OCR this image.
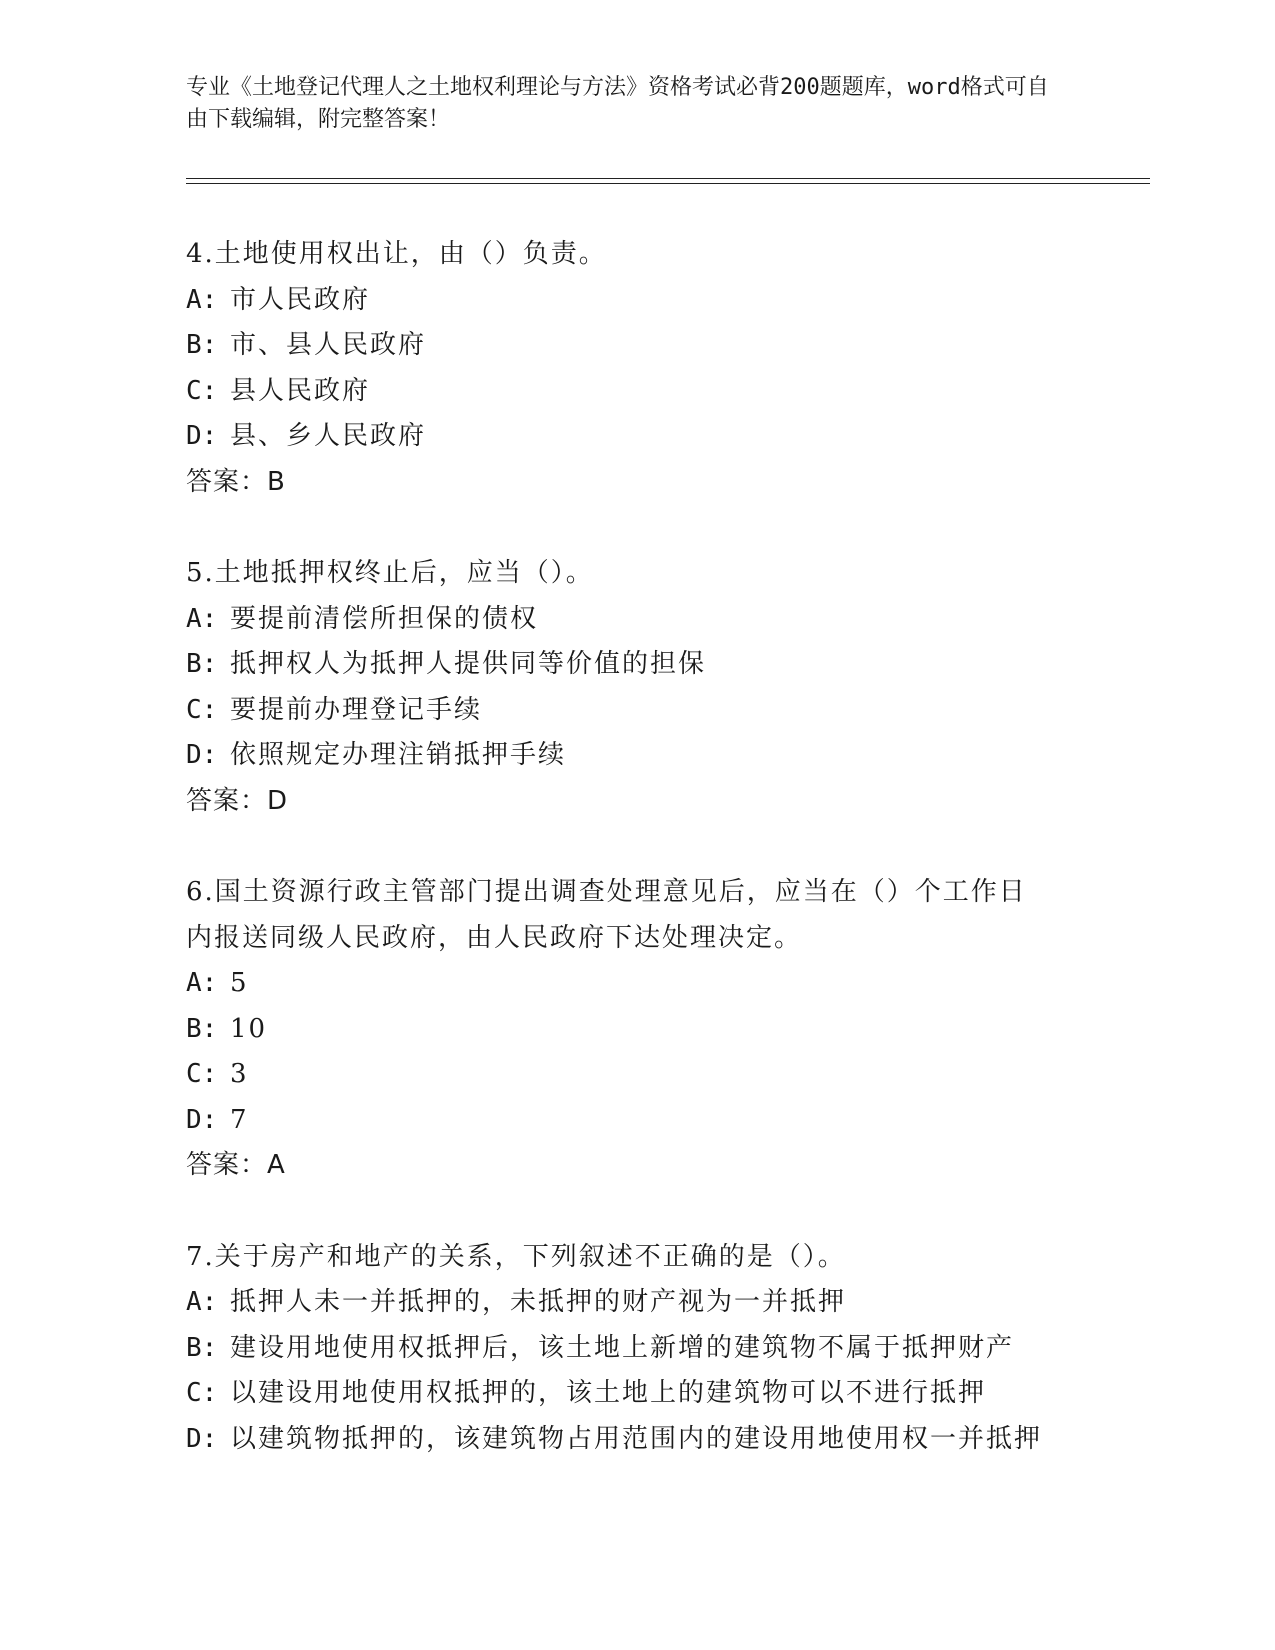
专业《土地登记代理人之土地权利理论与方法》资格考试必背200题题库，word格式可自由下载编辑，附完整答案！
4.土地使用权出让，由（）负责。
A: 市人民政府
B: 市、县人民政府
C: 县人民政府
D: 县、乡人民政府
答案：B
5.土地抵押权终止后，应当（）。
A: 要提前清偿所担保的债权
B: 抵押权人为抵押人提供同等价值的担保
C: 要提前办理登记手续
D: 依照规定办理注销抵押手续
答案：D
6.国土资源行政主管部门提出调查处理意见后，应当在（）个工作日
内报送同级人民政府，由人民政府下达处理决定。
A: 5
B: 10
C: 3
D: 7
答案：A
7.关于房产和地产的关系，下列叙述不正确的是（）。
A: 抵押人未一并抵押的，未抵押的财产视为一并抵押
B: 建设用地使用权抵押后，该土地上新增的建筑物不属于抵押财产
C: 以建设用地使用权抵押的，该土地上的建筑物可以不进行抵押
D: 以建筑物抵押的，该建筑物占用范围内的建设用地使用权一并抵押
